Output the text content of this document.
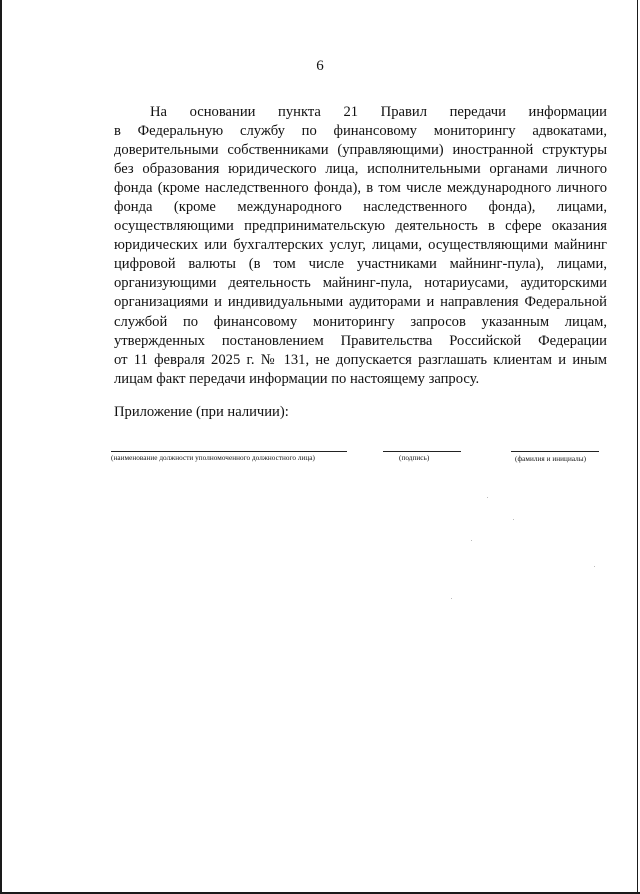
6
На основании пункта 21 Правил передачи информации
в Федеральную службу по финансовому мониторингу адвокатами,
доверительными собственниками (управляющими) иностранной структуры
без образования юридического лица, исполнительными органами личного
фонда (кроме наследственного фонда), в том числе международного личного
фонда (кроме международного наследственного фонда), лицами,
осуществляющими предпринимательскую деятельность в сфере оказания
юридических или бухгалтерских услуг, лицами, осуществляющими майнинг
цифровой валюты (в том числе участниками майнинг-пула), лицами,
организующими деятельность майнинг-пула, нотариусами, аудиторскими
организациями и индивидуальными аудиторами и направления Федеральной
службой по финансовому мониторингу запросов указанным лицам,
утвержденных постановлением Правительства Российской Федерации
от 11 февраля 2025 г. № 131, не допускается разглашать клиентам и иным
лицам факт передачи информации по настоящему запросу.
Приложение (при наличии):
(наименование должности уполномоченного должностного лица)	(подпись)	(фамилия и инициалы)
